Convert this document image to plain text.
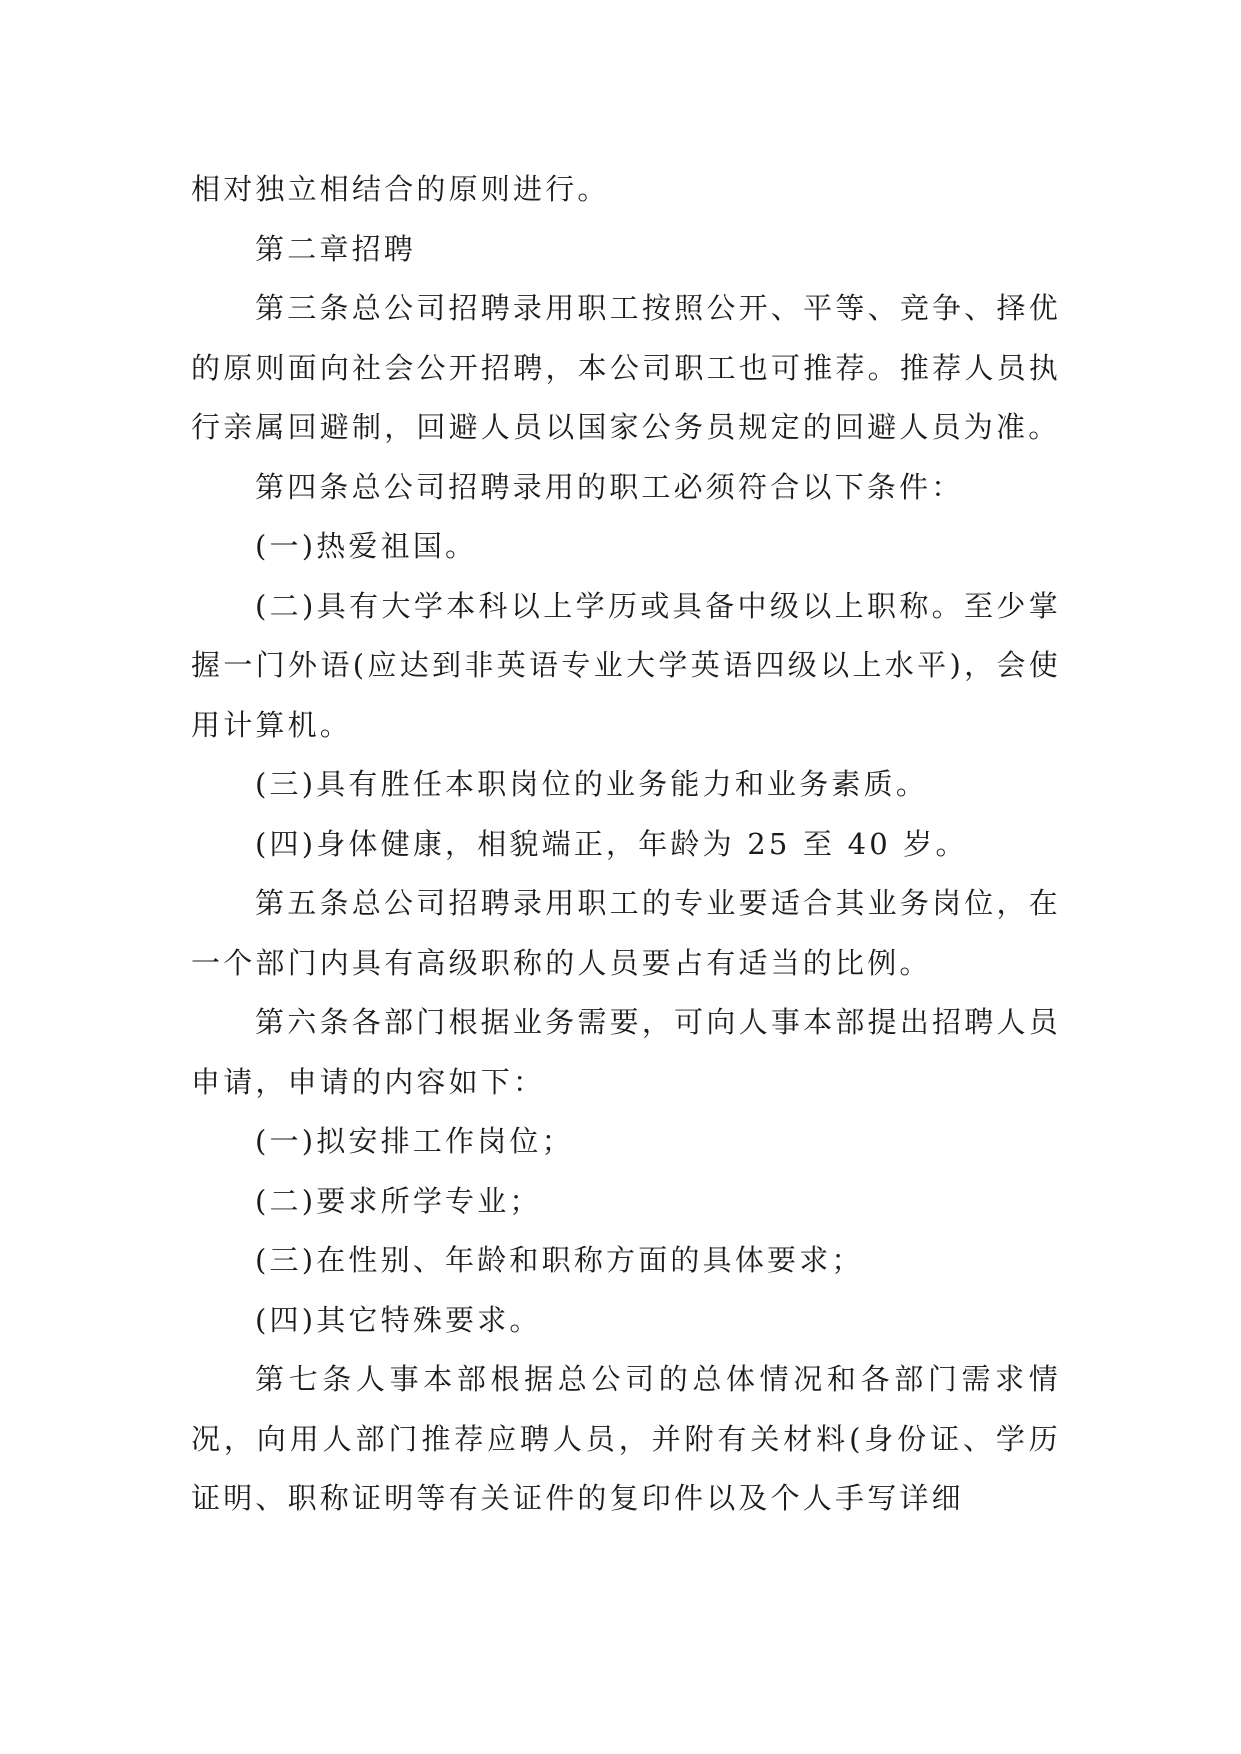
相对独立相结合的原则进行。

第二章招聘

第三条总公司招聘录用职工按照公开、平等、竞争、择优的原则面向社会公开招聘，本公司职工也可推荐。推荐人员执行亲属回避制，回避人员以国家公务员规定的回避人员为准。

第四条总公司招聘录用的职工必须符合以下条件：

(一)热爱祖国。

(二)具有大学本科以上学历或具备中级以上职称。至少掌握一门外语(应达到非英语专业大学英语四级以上水平)，会使用计算机。

(三)具有胜任本职岗位的业务能力和业务素质。

(四)身体健康，相貌端正，年龄为 25 至 40 岁。

第五条总公司招聘录用职工的专业要适合其业务岗位，在一个部门内具有高级职称的人员要占有适当的比例。

第六条各部门根据业务需要，可向人事本部提出招聘人员申请，申请的内容如下：

(一)拟安排工作岗位；

(二)要求所学专业；

(三)在性别、年龄和职称方面的具体要求；

(四)其它特殊要求。

第七条人事本部根据总公司的总体情况和各部门需求情况，向用人部门推荐应聘人员，并附有关材料(身份证、学历证明、职称证明等有关证件的复印件以及个人手写详细
